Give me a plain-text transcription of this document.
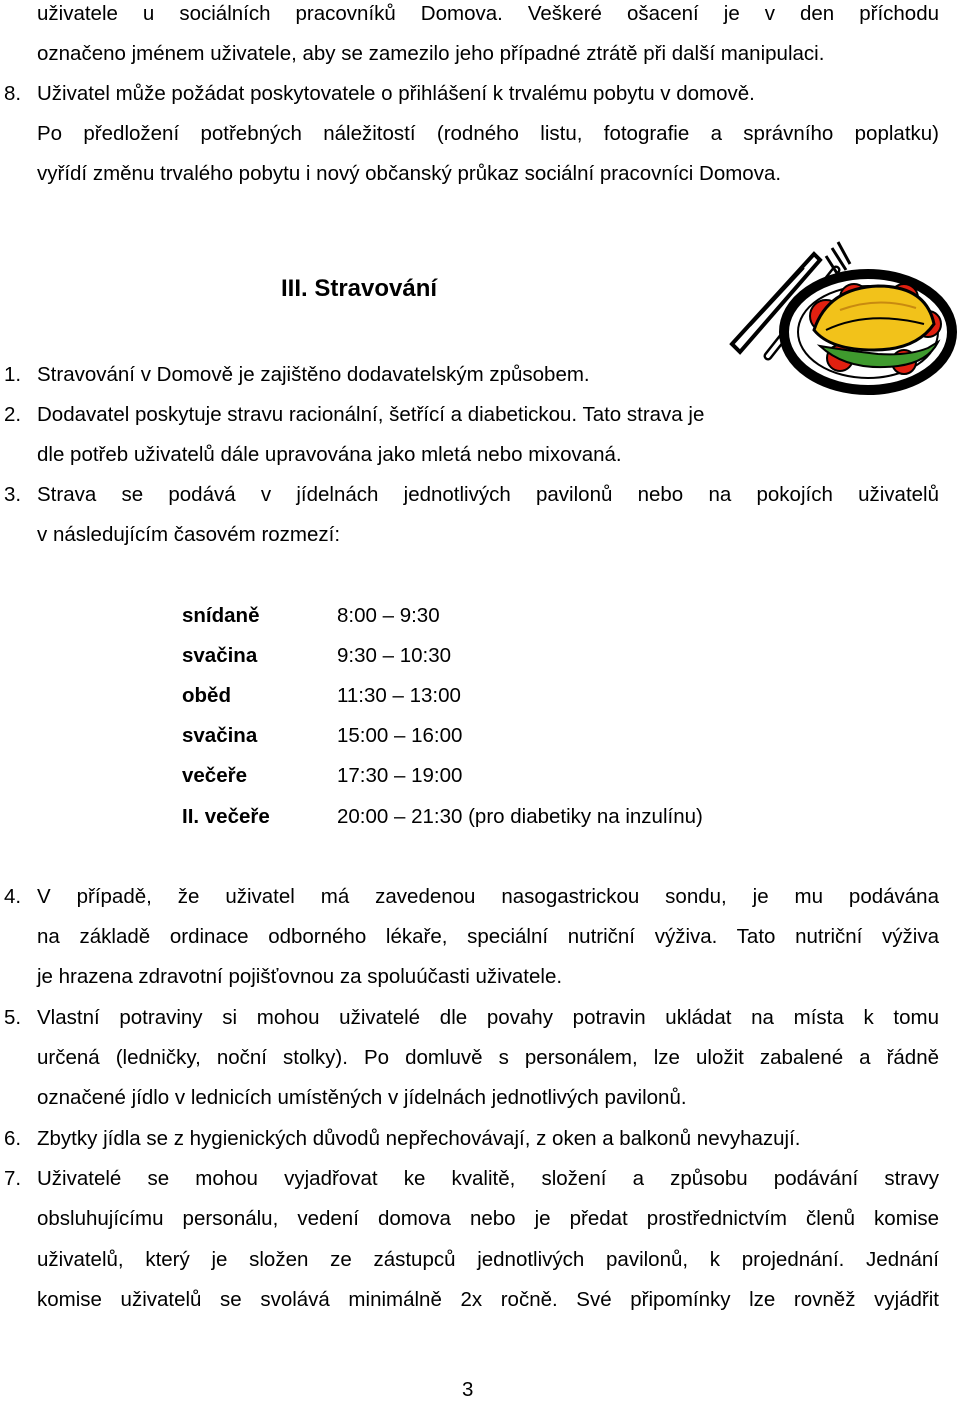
uživatele u sociálních pracovníků Domova. Veškeré ošacení je v den příchodu
označeno jménem uživatele, aby se zamezilo jeho případné ztrátě při další manipulaci.
8. Uživatel může požádat poskytovatele o přihlášení k trvalému pobytu v domově.
Po předložení potřebných náležitostí (rodného listu, fotografie a správního poplatku)
vyřídí změnu trvalého pobytu i nový občanský průkaz sociální pracovníci Domova.
III. Stravování
1. Stravování v Domově je zajištěno dodavatelským způsobem.
2. Dodavatel poskytuje stravu racionální, šetřící a diabetickou. Tato strava je
dle potřeb uživatelů dále upravována jako mletá nebo mixovaná.
3. Strava se podává v jídelnách jednotlivých pavilonů nebo na pokojích uživatelů
v následujícím časovém rozmezí:
snídaně	8:00 – 9:30
svačina	9:30 – 10:30
oběd	11:30 – 13:00
svačina	15:00 – 16:00
večeře	17:30 – 19:00
II. večeře	20:00 – 21:30 (pro diabetiky na inzulínu)
4. V případě, že uživatel má zavedenou nasogastrickou sondu, je mu podávána
na základě ordinace odborného lékaře, speciální nutriční výživa. Tato nutriční výživa
je hrazena zdravotní pojišťovnou za spoluúčasti uživatele.
5. Vlastní potraviny si mohou uživatelé dle povahy potravin ukládat na místa k tomu
určená (ledničky, noční stolky). Po domluvě s personálem, lze uložit zabalené a řádně
označené jídlo v lednicích umístěných v jídelnách jednotlivých pavilonů.
6. Zbytky jídla se z hygienických důvodů nepřechovávají, z oken a balkonů nevyhazují.
7. Uživatelé se mohou vyjadřovat ke kvalitě, složení a způsobu podávání stravy
obsluhujícímu personálu, vedení domova nebo je předat prostřednictvím členů komise
uživatelů, který je složen ze zástupců jednotlivých pavilonů, k projednání. Jednání
komise uživatelů se svolává minimálně 2x ročně. Své připomínky lze rovněž vyjádřit
3
